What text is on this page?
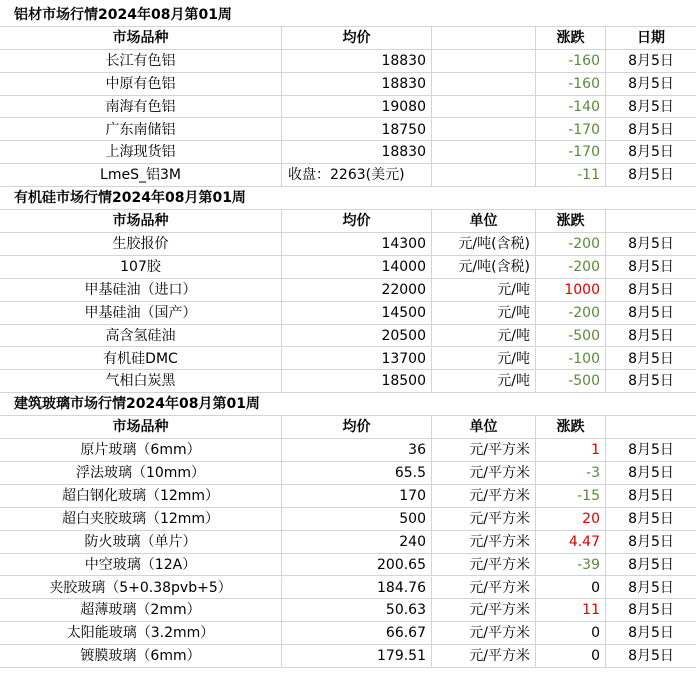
铝材市场行情2024年08月第01周
市场品种	均价	涨跌	日期
长江有色铝	18830	-160	8月5日
中原有色铝	18830	-160	8月5日
南海有色铝	19080	-140	8月5日
广东南储铝	18750	-170	8月5日
上海现货铝	18830	-170	8月5日
LmeS_铝3M	收盘：2263(美元)	-11	8月5日
有机硅市场行情2024年08月第01周
市场品种	均价	单位	涨跌
生胶报价	14300	元/吨(含税)	-200	8月5日
107胶	14000	元/吨(含税)	-200	8月5日
甲基硅油（进口）	22000	元/吨	1000	8月5日
甲基硅油（国产）	14500	元/吨	-200	8月5日
高含氢硅油	20500	元/吨	-500	8月5日
有机硅DMC	13700	元/吨	-100	8月5日
气相白炭黑	18500	元/吨	-500	8月5日
建筑玻璃市场行情2024年08月第01周
市场品种	均价	单位	涨跌
原片玻璃（6mm）	36	元/平方米	1	8月5日
浮法玻璃（10mm）	65.5	元/平方米	-3	8月5日
超白钢化玻璃（12mm）	170	元/平方米	-15	8月5日
超白夹胶玻璃（12mm）	500	元/平方米	20	8月5日
防火玻璃（单片）	240	元/平方米	4.47	8月5日
中空玻璃（12A）	200.65	元/平方米	-39	8月5日
夹胶玻璃（5+0.38pvb+5）	184.76	元/平方米	0	8月5日
超薄玻璃（2mm）	50.63	元/平方米	11	8月5日
太阳能玻璃（3.2mm）	66.67	元/平方米	0	8月5日
镀膜玻璃（6mm）	179.51	元/平方米	0	8月5日
